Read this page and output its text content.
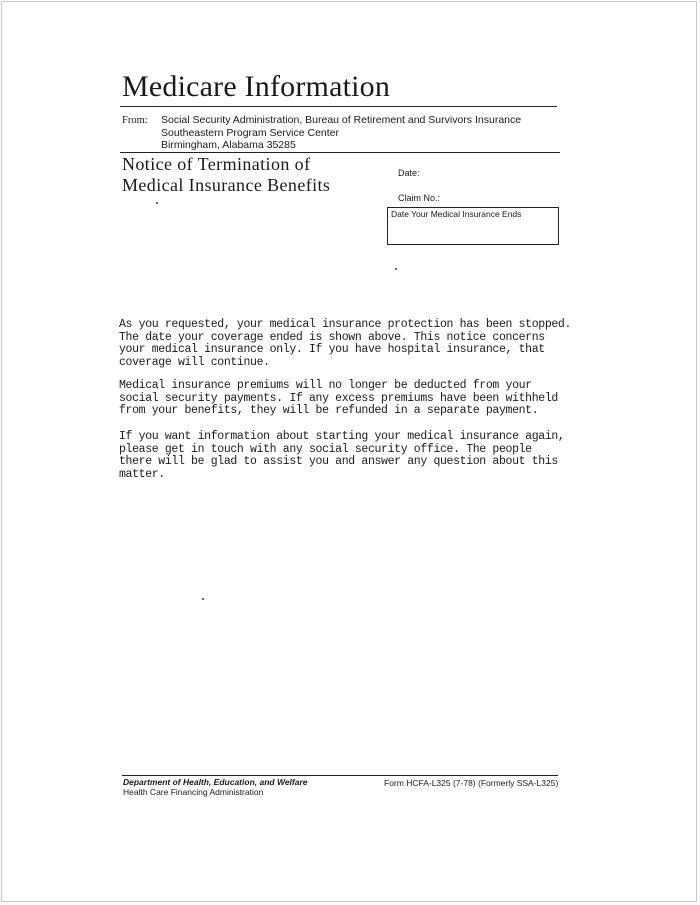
Medicare Information
From: Social Security Administration, Bureau of Retirement and Survivors Insurance
Southeastern Program Service Center
Birmingham, Alabama 35285
Notice of Termination of
Medical Insurance Benefits
Date:
Claim No.:
Date Your Medical Insurance Ends
As you requested, your medical insurance protection has been stopped.
The date your coverage ended is shown above. This notice concerns
your medical insurance only. If you have hospital insurance, that
coverage will continue.
Medical insurance premiums will no longer be deducted from your
social security payments. If any excess premiums have been withheld
from your benefits, they will be refunded in a separate payment.
If you want information about starting your medical insurance again,
please get in touch with any social security office. The people
there will be glad to assist you and answer any question about this
matter.
Department of Health, Education, and Welfare
Health Care Financing Administration
Form HCFA-L325 (7-78) (Formerly SSA-L325)
